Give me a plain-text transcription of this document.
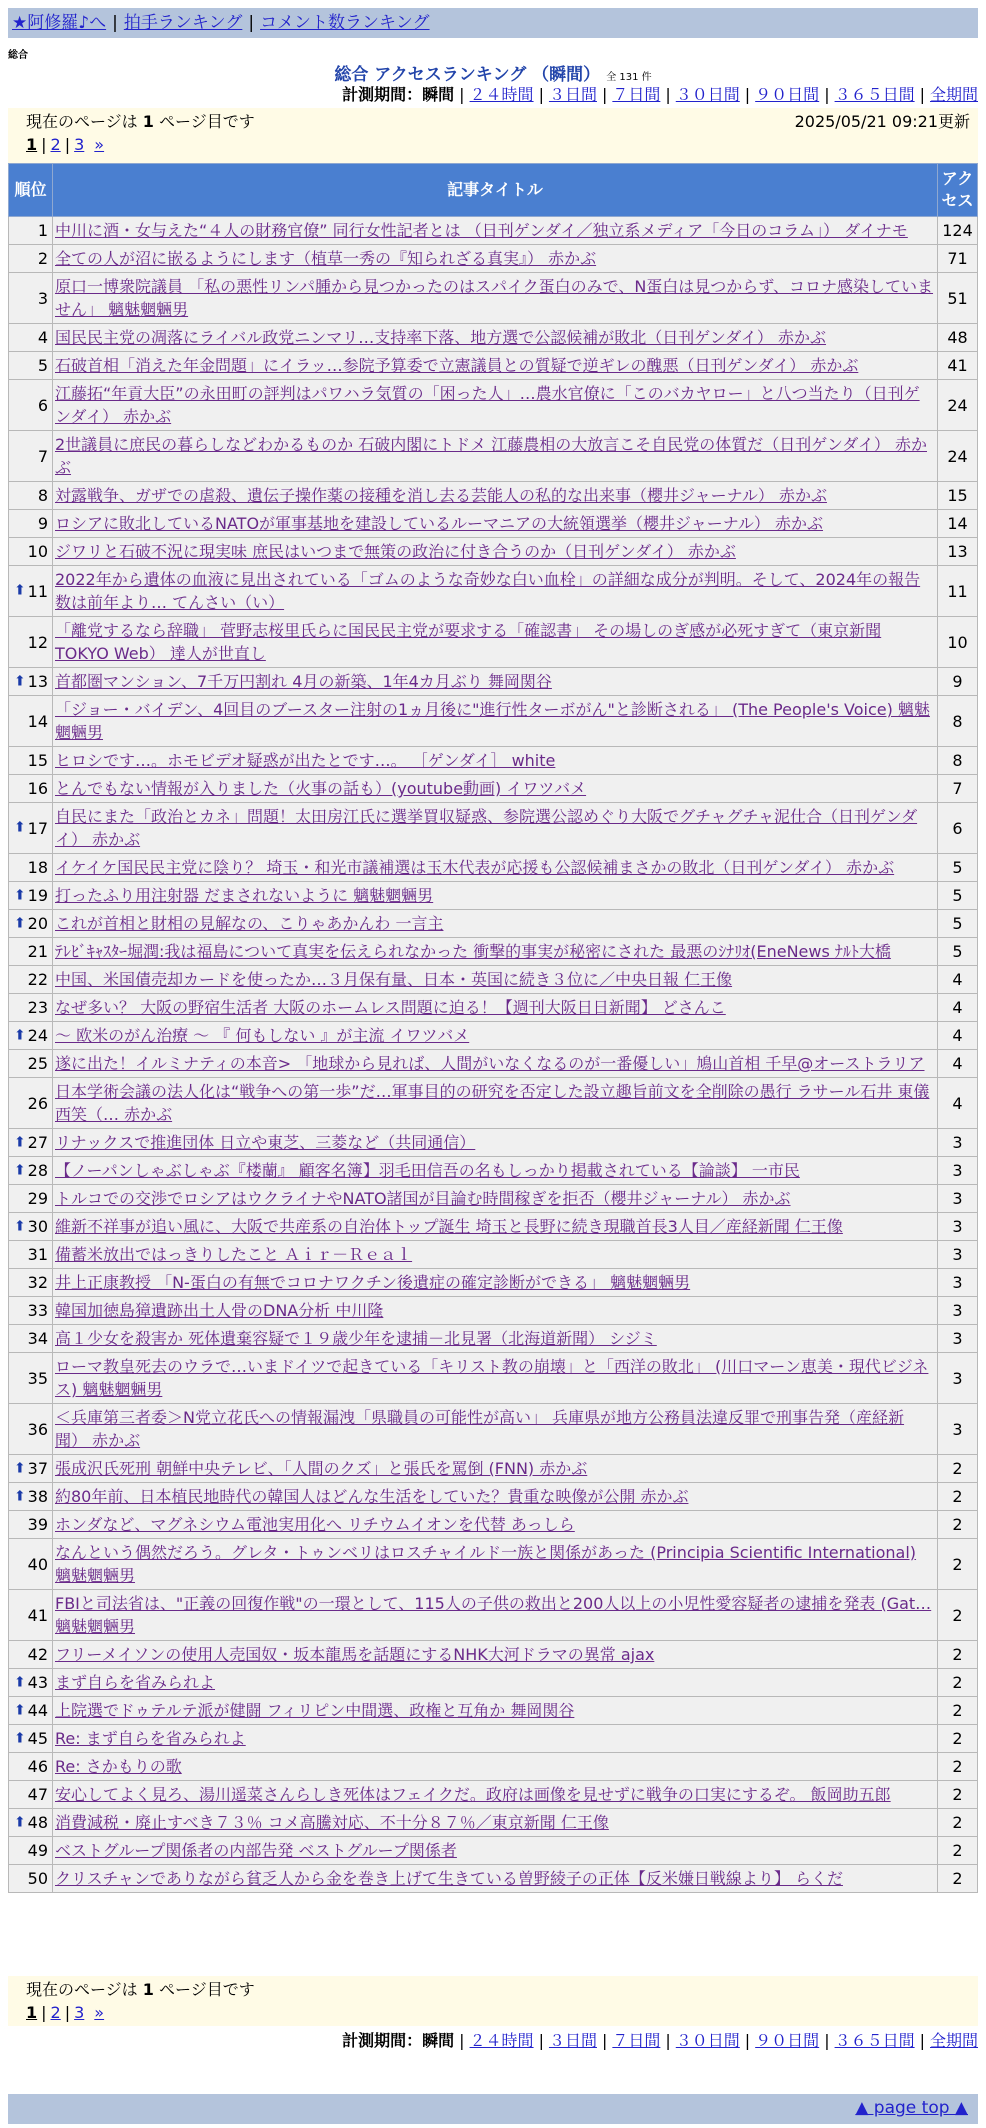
★阿修羅♪へ | 拍手ランキング | コメント数ランキング
総合
総合 アクセスランキング （瞬間） 全 131 件
計測期間：瞬間 | ２４時間 | ３日間 | ７日間 | ３０日間 | ９０日間 | ３６５日間 | 全期間
現在のページは 1 ページ目です	2025/05/21 09:21更新
1 | 2 | 3 »
順位	記事タイトル	アクセス
1	中川に酒・女与えた“４人の財務官僚” 同行女性記者とは （日刊ゲンダイ／独立系メディア「今日のコラム」） ダイナモ	124
2	全ての人が沼に嵌るようにします（植草一秀の『知られざる真実』） 赤かぶ	71
3	原口一博衆院議員 「私の悪性リンパ腫から見つかったのはスパイク蛋白のみで、N蛋白は見つからず、コロナ感染していません」 魑魅魍魎男	51
4	国民民主党の凋落にライバル政党ニンマリ…支持率下落、地方選で公認候補が敗北（日刊ゲンダイ） 赤かぶ	48
5	石破首相「消えた年金問題」にイラッ…参院予算委で立憲議員との質疑で逆ギレの醜悪（日刊ゲンダイ） 赤かぶ	41
6	江藤拓“年貢大臣”の永田町の評判はパワハラ気質の「困った人」…農水官僚に「このバカヤロー」と八つ当たり（日刊ゲンダイ） 赤かぶ	24
7	2世議員に庶民の暮らしなどわかるものか 石破内閣にトドメ 江藤農相の大放言こそ自民党の体質だ（日刊ゲンダイ） 赤かぶ	24
8	対露戦争、ガザでの虐殺、遺伝子操作薬の接種を消し去る芸能人の私的な出来事（櫻井ジャーナル） 赤かぶ	15
9	ロシアに敗北しているNATOが軍事基地を建設しているルーマニアの大統領選挙（櫻井ジャーナル） 赤かぶ	14
10	ジワリと石破不況に現実味 庶民はいつまで無策の政治に付き合うのか（日刊ゲンダイ） 赤かぶ	13

⬆ 11	2022年から遺体の血液に見出されている「ゴムのような奇妙な白い血栓」の詳細な成分が判明。そして、2024年の報告数は前年より… てんさい（い）	11
12	「離党するなら辞職」 菅野志桜里氏らに国民民主党が要求する「確認書」 その場しのぎ感が必死すぎて（東京新聞 TOKYO Web） 達人が世直し	10

⬆ 13	首都圏マンション、7千万円割れ 4月の新築、1年4カ月ぶり 舞岡関谷	9
14	「ジョー・バイデン、4回目のブースター注射の1ヵ月後に"進行性ターボがん"と診断される」 (The People's Voice) 魑魅魍魎男	8
15	ヒロシです…。ホモビデオ疑惑が出たとです…。 ［ゲンダイ］ white	8
16	とんでもない情報が入りました（火事の話も）(youtube動画) イワツバメ	7

⬆ 17	自民にまた「政治とカネ」問題！太田房江氏に選挙買収疑惑、参院選公認めぐり大阪でグチャグチャ泥仕合（日刊ゲンダイ） 赤かぶ	6
18	イケイケ国民民主党に陰り？ 埼玉・和光市議補選は玉木代表が応援も公認候補まさかの敗北（日刊ゲンダイ） 赤かぶ	5

⬆ 19	打ったふり用注射器 だまされないように 魑魅魍魎男	5

⬆ 20	これが首相と財相の見解なの、こりゃあかんわ 一言主	5
21	ﾃﾚﾋﾞｷｬｽﾀｰ堀潤:我は福島について真実を伝えられなかった 衝撃的事実が秘密にされた 最悪のｼﾅﾘｵ(EneNews ﾅﾙﾄ大橋	5
22	中国、米国債売却カードを使ったか…３月保有量、日本・英国に続き３位に／中央日報 仁王像	4
23	なぜ多い？ 大阪の野宿生活者 大阪のホームレス問題に迫る！【週刊大阪日日新聞】 どさんこ	4

⬆ 24	～ 欧米のがん治療 ～ 『 何もしない 』が主流 イワツバメ	4
25	遂に出た！イルミナティの本音> 「地球から見れば、人間がいなくなるのが一番優しい」鳩山首相 千早@オーストラリア	4
26	日本学術会議の法人化は“戦争への第一歩”だ…軍事目的の研究を否定した設立趣旨前文を全削除の愚行 ラサール石井 東儀西笑（… 赤かぶ	4

⬆ 27	リナックスで推進団体 日立や東芝、三菱など（共同通信）	3

⬆ 28	【ノーパンしゃぶしゃぶ『楼蘭』 顧客名簿】羽毛田信吾の名もしっかり掲載されている【論談】 一市民	3
29	トルコでの交渉でロシアはウクライナやNATO諸国が目論む時間稼ぎを拒否（櫻井ジャーナル） 赤かぶ	3

⬆ 30	維新不祥事が追い風に、大阪で共産系の自治体トップ誕生 埼玉と長野に続き現職首長3人目／産経新聞 仁王像	3
31	備蓄米放出ではっきりしたこと Ａｉｒ－Ｒｅａｌ	3
32	井上正康教授 「N-蛋白の有無でコロナワクチン後遺症の確定診断ができる」 魑魅魍魎男	3
33	韓国加徳島獐遺跡出土人骨のDNA分析 中川隆	3
34	高１少女を殺害か 死体遺棄容疑で１９歳少年を逮捕－北見署（北海道新聞） シジミ	3
35	ローマ教皇死去のウラで…いまドイツで起きている「キリスト教の崩壊」と「西洋の敗北」 (川口マーン恵美・現代ビジネス) 魑魅魍魎男	3
36	＜兵庫第三者委＞N党立花氏への情報漏洩「県職員の可能性が高い」 兵庫県が地方公務員法違反罪で刑事告発（産経新聞） 赤かぶ	3

⬆ 37	張成沢氏死刑 朝鮮中央テレビ、「人間のクズ」と張氏を罵倒 (FNN) 赤かぶ	2

⬆ 38	約80年前、日本植民地時代の韓国人はどんな生活をしていた？貴重な映像が公開 赤かぶ	2
39	ホンダなど、マグネシウム電池実用化へ リチウムイオンを代替 あっしら	2
40	なんという偶然だろう。グレタ・トゥンベリはロスチャイルド一族と関係があった (Principia Scientific International) 魑魅魍魎男	2
41	FBIと司法省は、"正義の回復作戦"の一環として、115人の子供の救出と200人以上の小児性愛容疑者の逮捕を発表 (Gat… 魑魅魍魎男	2
42	フリーメイソンの使用人売国奴・坂本龍馬を話題にするNHK大河ドラマの異常 ajax	2

⬆ 43	まず自らを省みられよ	2

⬆ 44	上院選でドゥテルテ派が健闘 フィリピン中間選、政権と互角か 舞岡関谷	2

⬆ 45	Re: まず自らを省みられよ	2
46	Re: さかもりの歌	2
47	安心してよく見ろ、湯川遥菜さんらしき死体はフェイクだ。政府は画像を見せずに戦争の口実にするぞ。 飯岡助五郎	2

⬆ 48	消費減税・廃止すべき７３％ コメ高騰対応、不十分８７％／東京新聞 仁王像	2
49	ベストグループ関係者の内部告発 ベストグループ関係者	2
50	クリスチャンでありながら貧乏人から金を巻き上げて生きている曽野綾子の正体【反米嫌日戦線より】 らくだ	2
現在のページは 1 ページ目です
1 | 2 | 3 »
計測期間：瞬間 | ２４時間 | ３日間 | ７日間 | ３０日間 | ９０日間 | ３６５日間 | 全期間
▲ page top ▲
